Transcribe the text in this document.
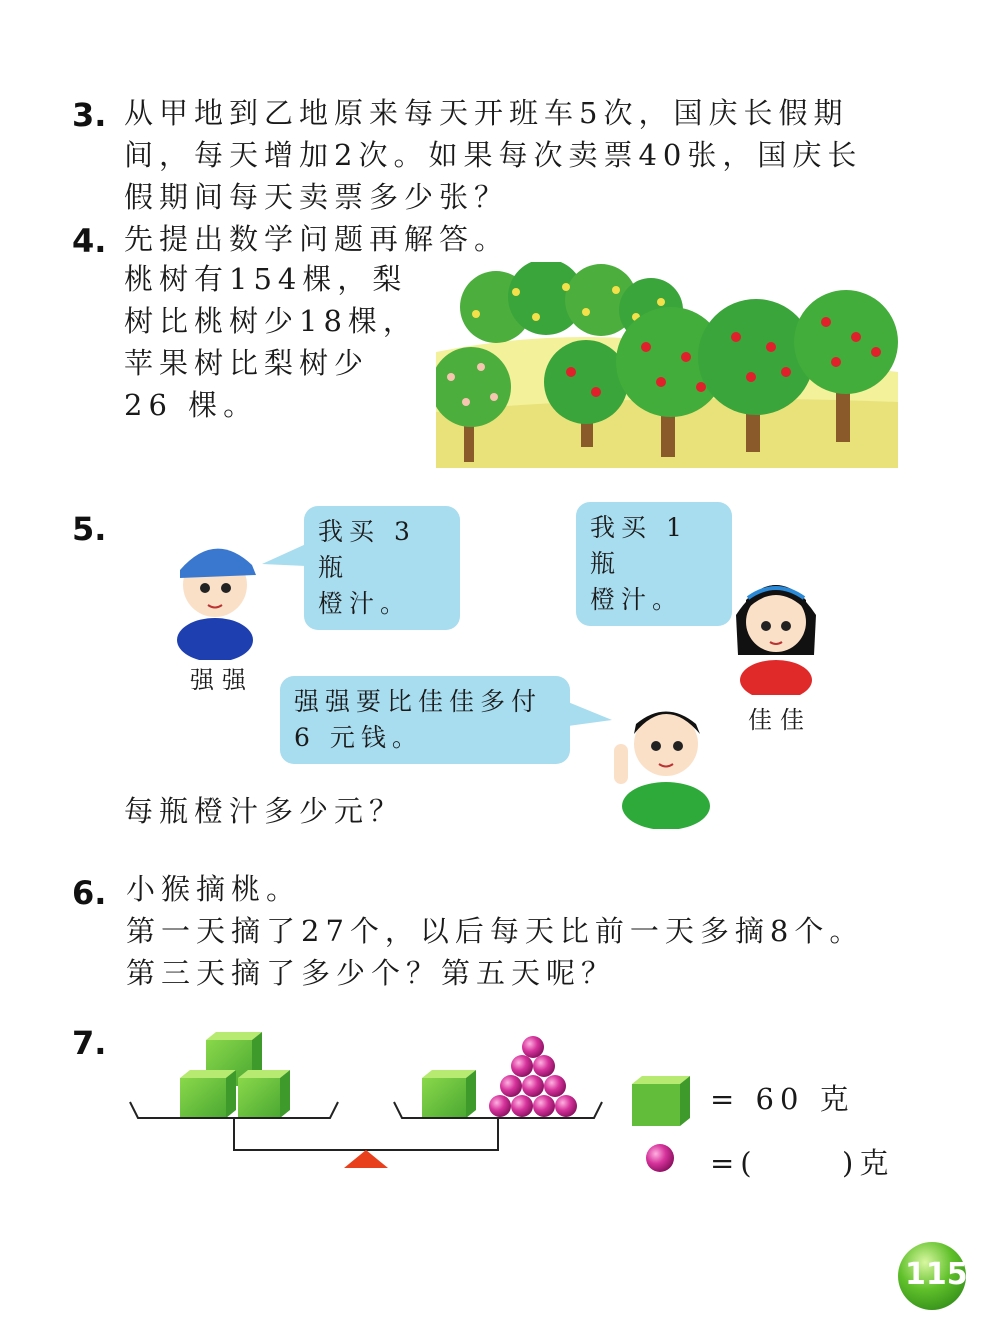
3. 从甲地到乙地原来每天开班车5次，国庆长假期
间，每天增加2次。如果每次卖票40张，国庆长
假期间每天卖票多少张？
4. 先提出数学问题再解答。
桃树有154棵，梨
树比桃树少18棵，
苹果树比梨树少
26 棵。
5.
强强
我买 3 瓶
橙汁。
我买 1 瓶
橙汁。
佳佳
强强要比佳佳多付
6 元钱。
每瓶橙汁多少元？
6. 小猴摘桃。
第一天摘了27个，以后每天比前一天多摘8个。
第三天摘了多少个？第五天呢？
7.
= 60 克
=(	)克
115
